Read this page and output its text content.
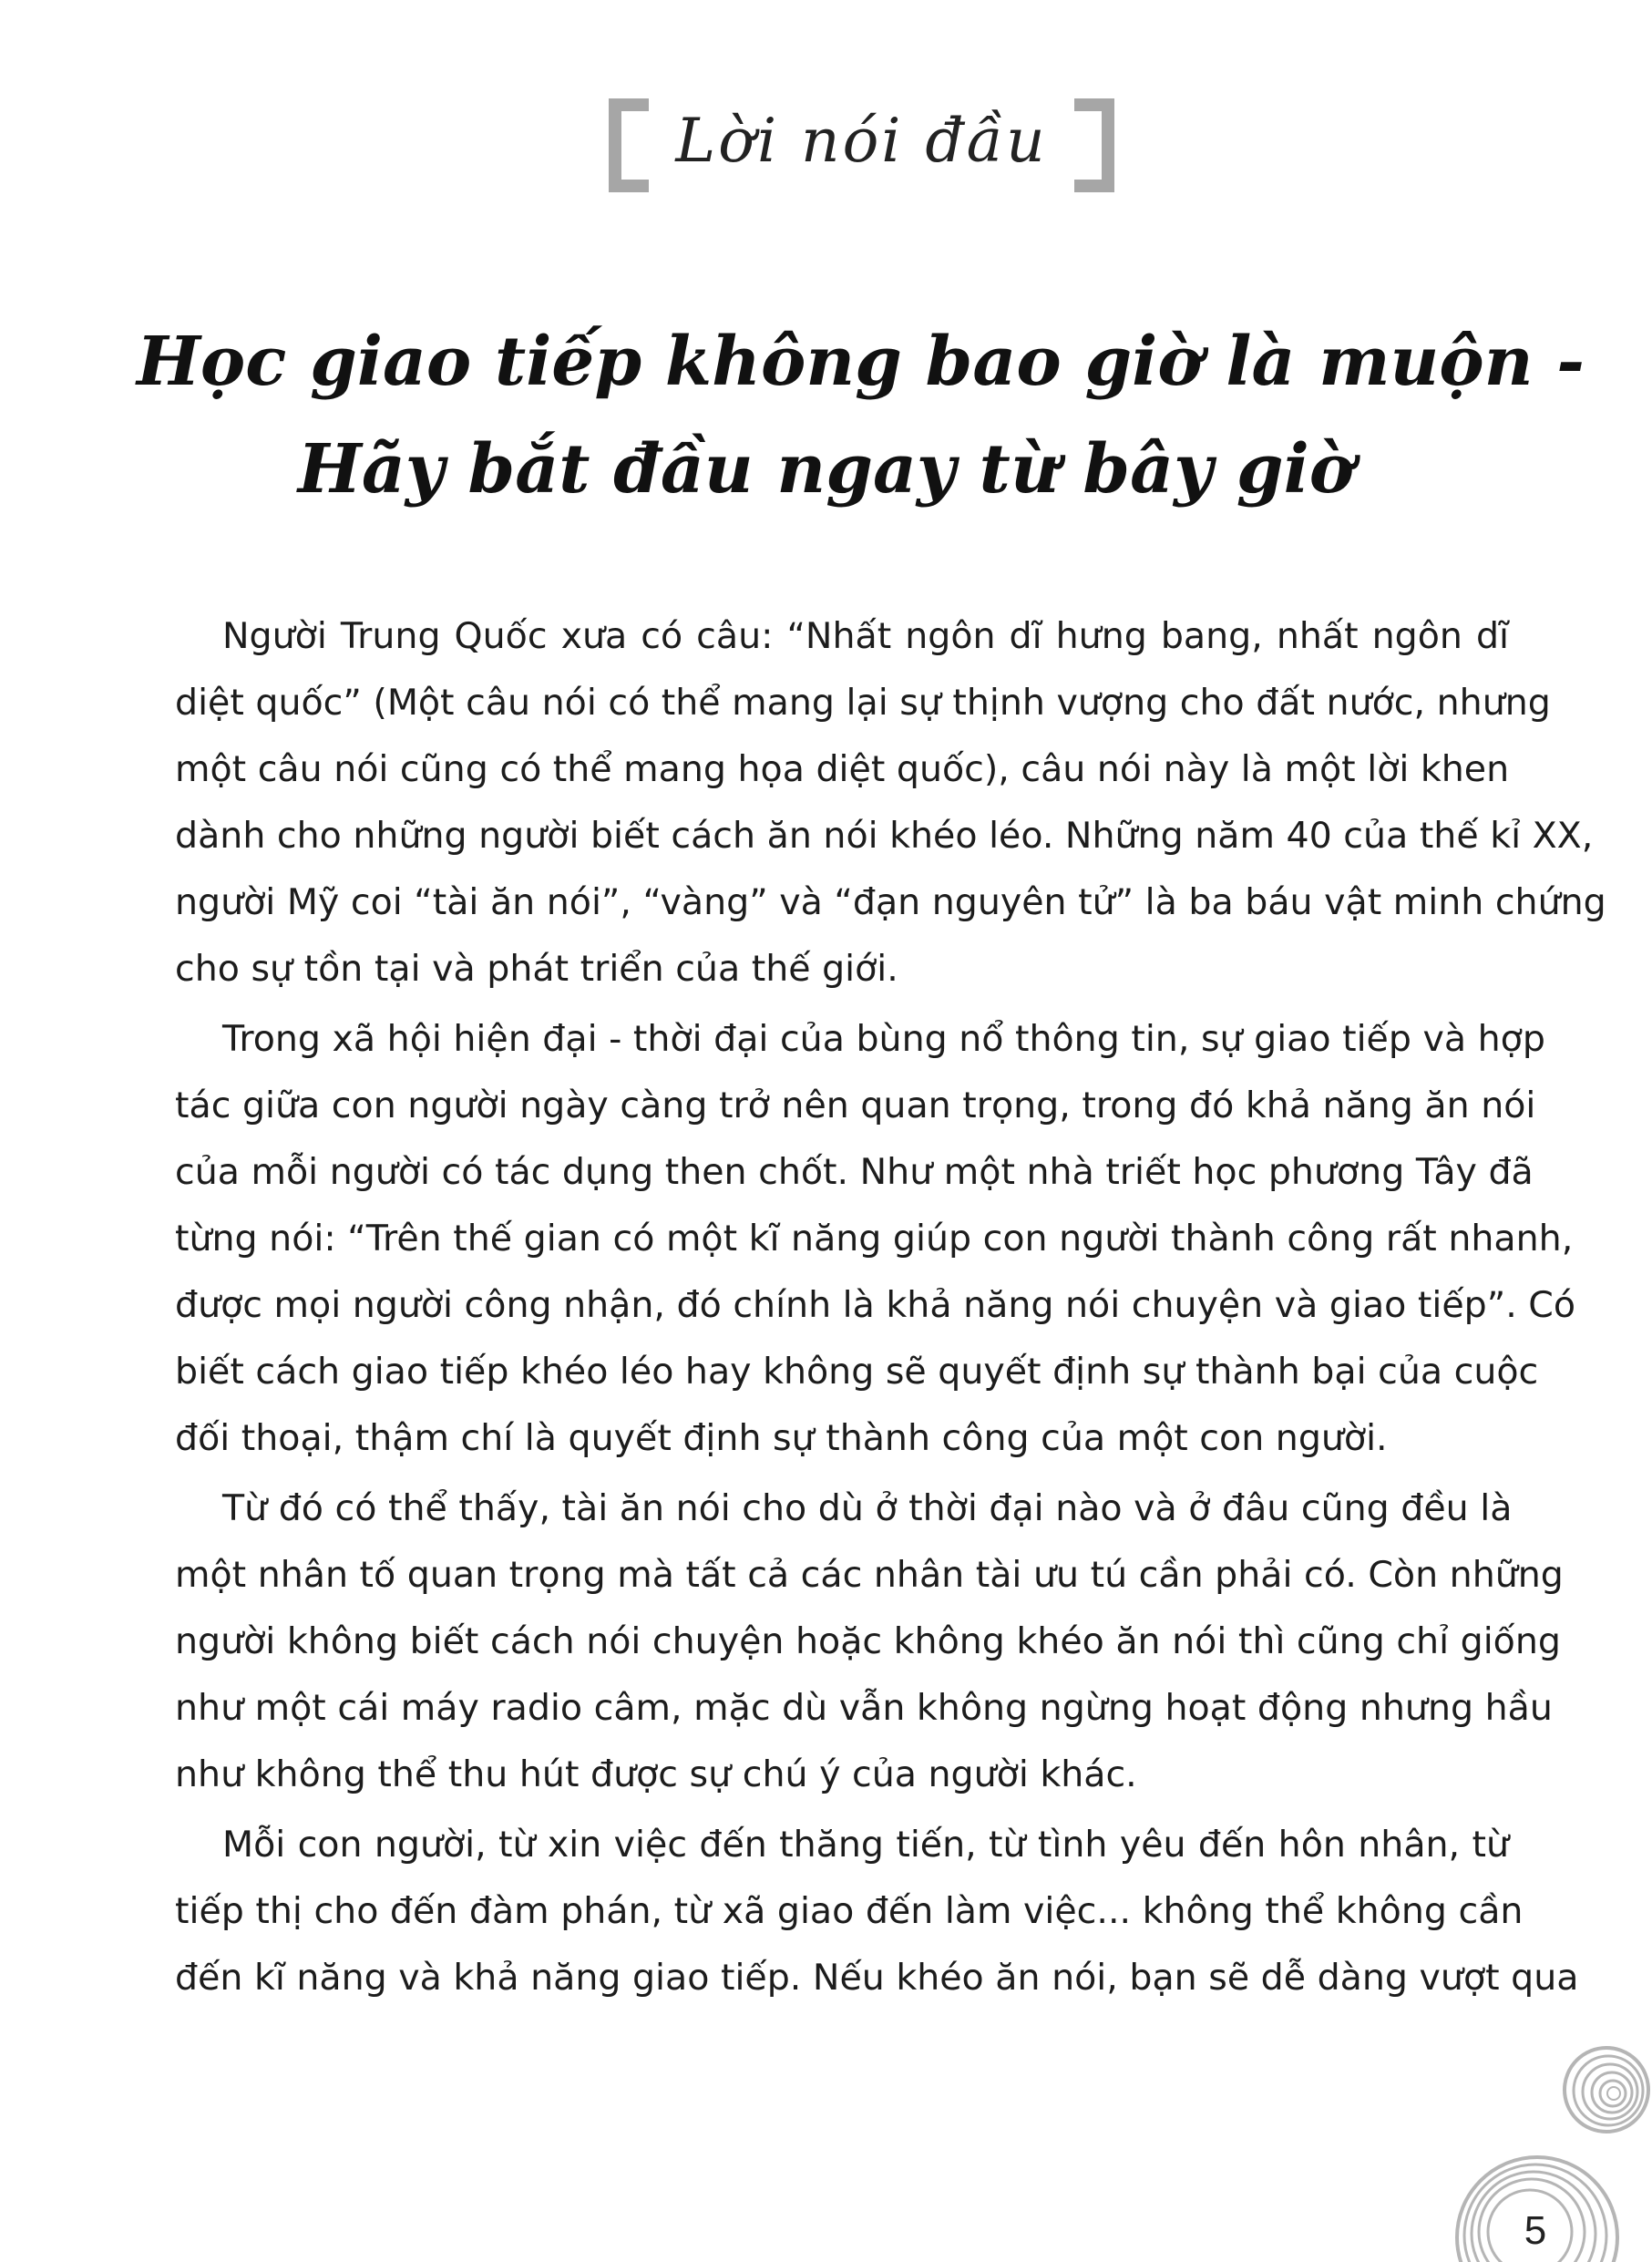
Lời nói đầu
Học giao tiếp không bao giờ là muộn -
Hãy bắt đầu ngay từ bây giờ
Người Trung Quốc xưa có câu: “Nhất ngôn dĩ hưng bang, nhất ngôn dĩ
diệt quốc” (Một câu nói có thể mang lại sự thịnh vượng cho đất nước, nhưng
một câu nói cũng có thể mang họa diệt quốc), câu nói này là một lời khen
dành cho những người biết cách ăn nói khéo léo. Những năm 40 của thế kỉ XX,
người Mỹ coi “tài ăn nói”, “vàng” và “đạn nguyên tử” là ba báu vật minh chứng
cho sự tồn tại và phát triển của thế giới.
Trong xã hội hiện đại - thời đại của bùng nổ thông tin, sự giao tiếp và hợp
tác giữa con người ngày càng trở nên quan trọng, trong đó khả năng ăn nói
của mỗi người có tác dụng then chốt. Như một nhà triết học phương Tây đã
từng nói: “Trên thế gian có một kĩ năng giúp con người thành công rất nhanh,
được mọi người công nhận, đó chính là khả năng nói chuyện và giao tiếp”. Có
biết cách giao tiếp khéo léo hay không sẽ quyết định sự thành bại của cuộc
đối thoại, thậm chí là quyết định sự thành công của một con người.
Từ đó có thể thấy, tài ăn nói cho dù ở thời đại nào và ở đâu cũng đều là
một nhân tố quan trọng mà tất cả các nhân tài ưu tú cần phải có. Còn những
người không biết cách nói chuyện hoặc không khéo ăn nói thì cũng chỉ giống
như một cái máy radio câm, mặc dù vẫn không ngừng hoạt động nhưng hầu
như không thể thu hút được sự chú ý của người khác.
Mỗi con người, từ xin việc đến thăng tiến, từ tình yêu đến hôn nhân, từ
tiếp thị cho đến đàm phán, từ xã giao đến làm việc... không thể không cần
đến kĩ năng và khả năng giao tiếp. Nếu khéo ăn nói, bạn sẽ dễ dàng vượt qua
5
